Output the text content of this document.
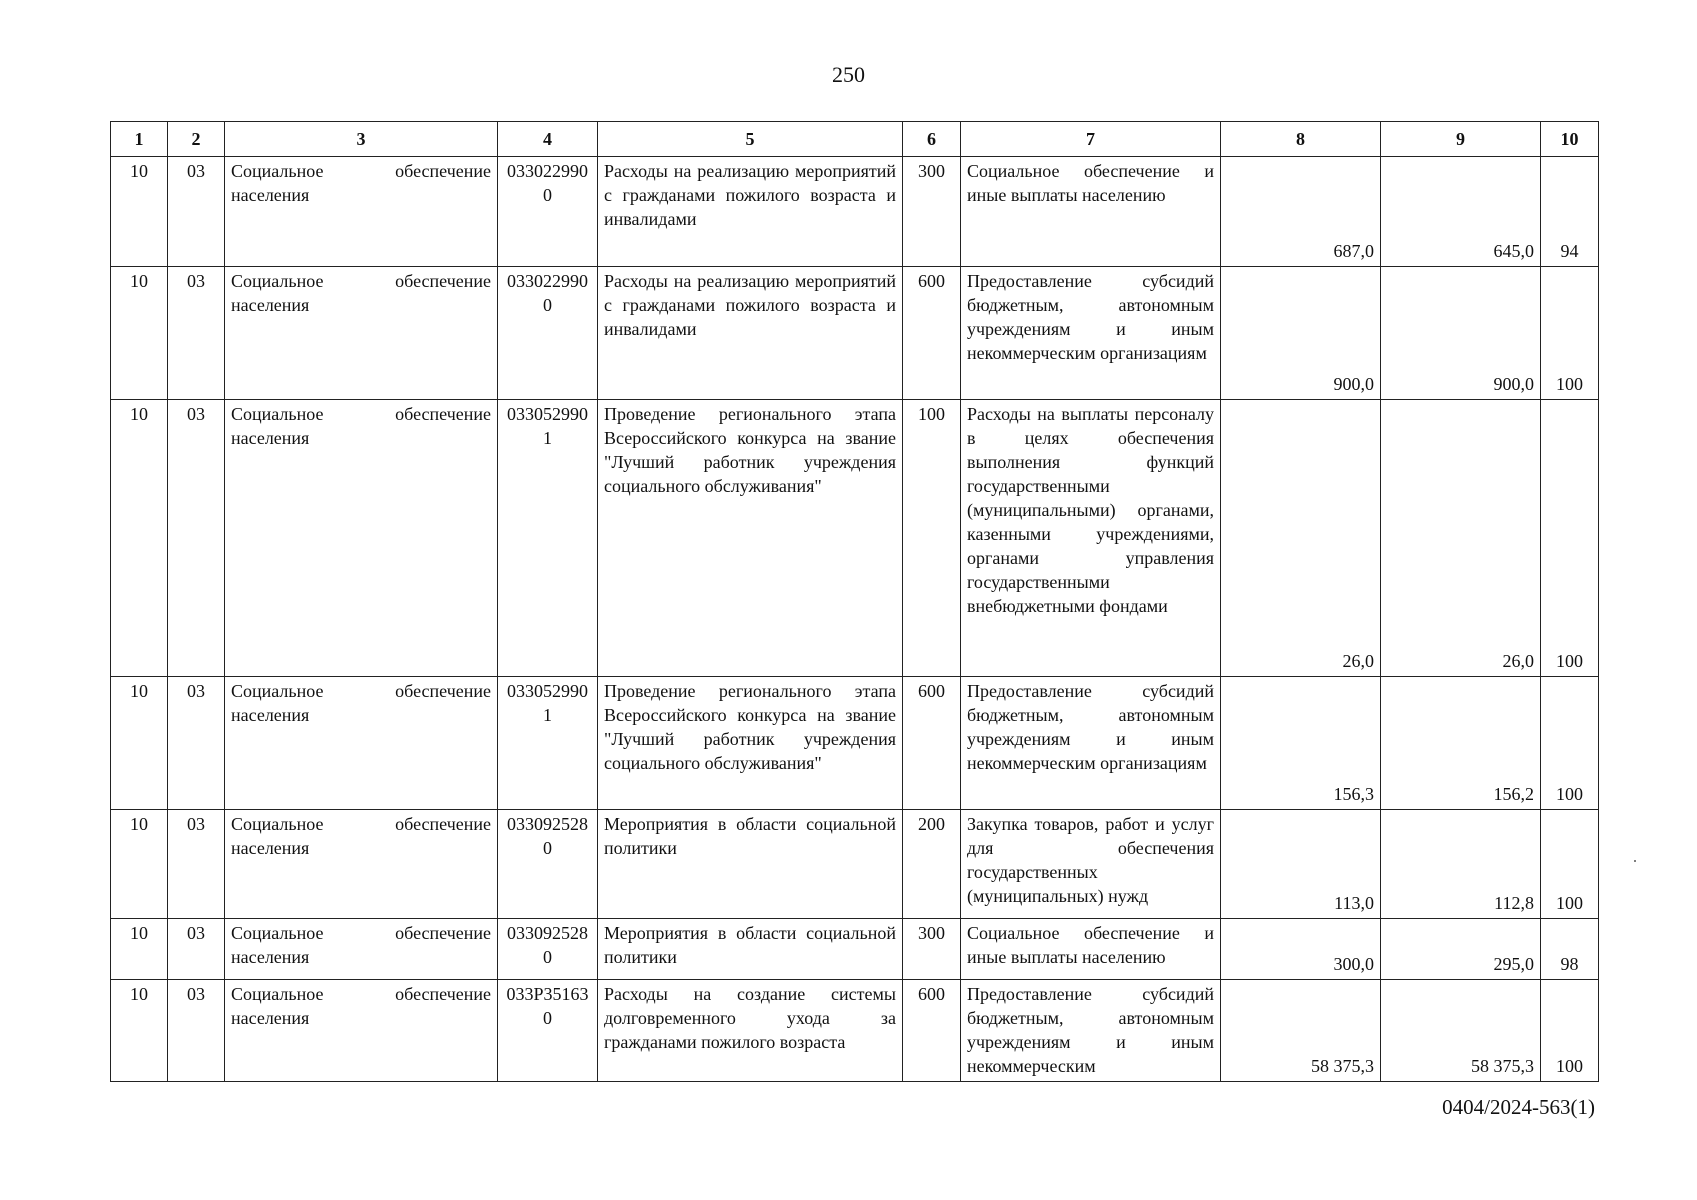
250
1	2	3	4	5	6	7	8	9	10
10	03	Социальное обеспечение населения	0330229900	Расходы на реализацию мероприятий с гражданами пожилого возраста и инвалидами	300	Социальное обеспечение и иные выплаты населению	687,0	645,0	94
10	03	Социальное обеспечение населения	0330229900	Расходы на реализацию мероприятий с гражданами пожилого возраста и инвалидами	600	Предоставление субсидий бюджетным, автономным учреждениям и иным некоммерческим организациям	900,0	900,0	100
10	03	Социальное обеспечение населения	0330529901	Проведение регионального этапа Всероссийского конкурса на звание "Лучший работник учреждения социального обслуживания"	100	Расходы на выплаты персоналу в целях обеспечения выполнения функций государственными (муниципальными) органами, казенными учреждениями, органами управления государственными внебюджетными фондами	26,0	26,0	100
10	03	Социальное обеспечение населения	0330529901	Проведение регионального этапа Всероссийского конкурса на звание "Лучший работник учреждения социального обслуживания"	600	Предоставление субсидий бюджетным, автономным учреждениям и иным некоммерческим организациям	156,3	156,2	100
10	03	Социальное обеспечение населения	0330925280	Мероприятия в области социальной политики	200	Закупка товаров, работ и услуг для обеспечения государственных (муниципальных) нужд	113,0	112,8	100
10	03	Социальное обеспечение населения	0330925280	Мероприятия в области социальной политики	300	Социальное обеспечение и иные выплаты населению	300,0	295,0	98
10	03	Социальное обеспечение населения	033Р351630	Расходы на создание системы долговременного ухода за гражданами пожилого возраста	600	Предоставление субсидий бюджетным, автономным учреждениям и иным некоммерческим	58 375,3	58 375,3	100
0404/2024-563(1)
